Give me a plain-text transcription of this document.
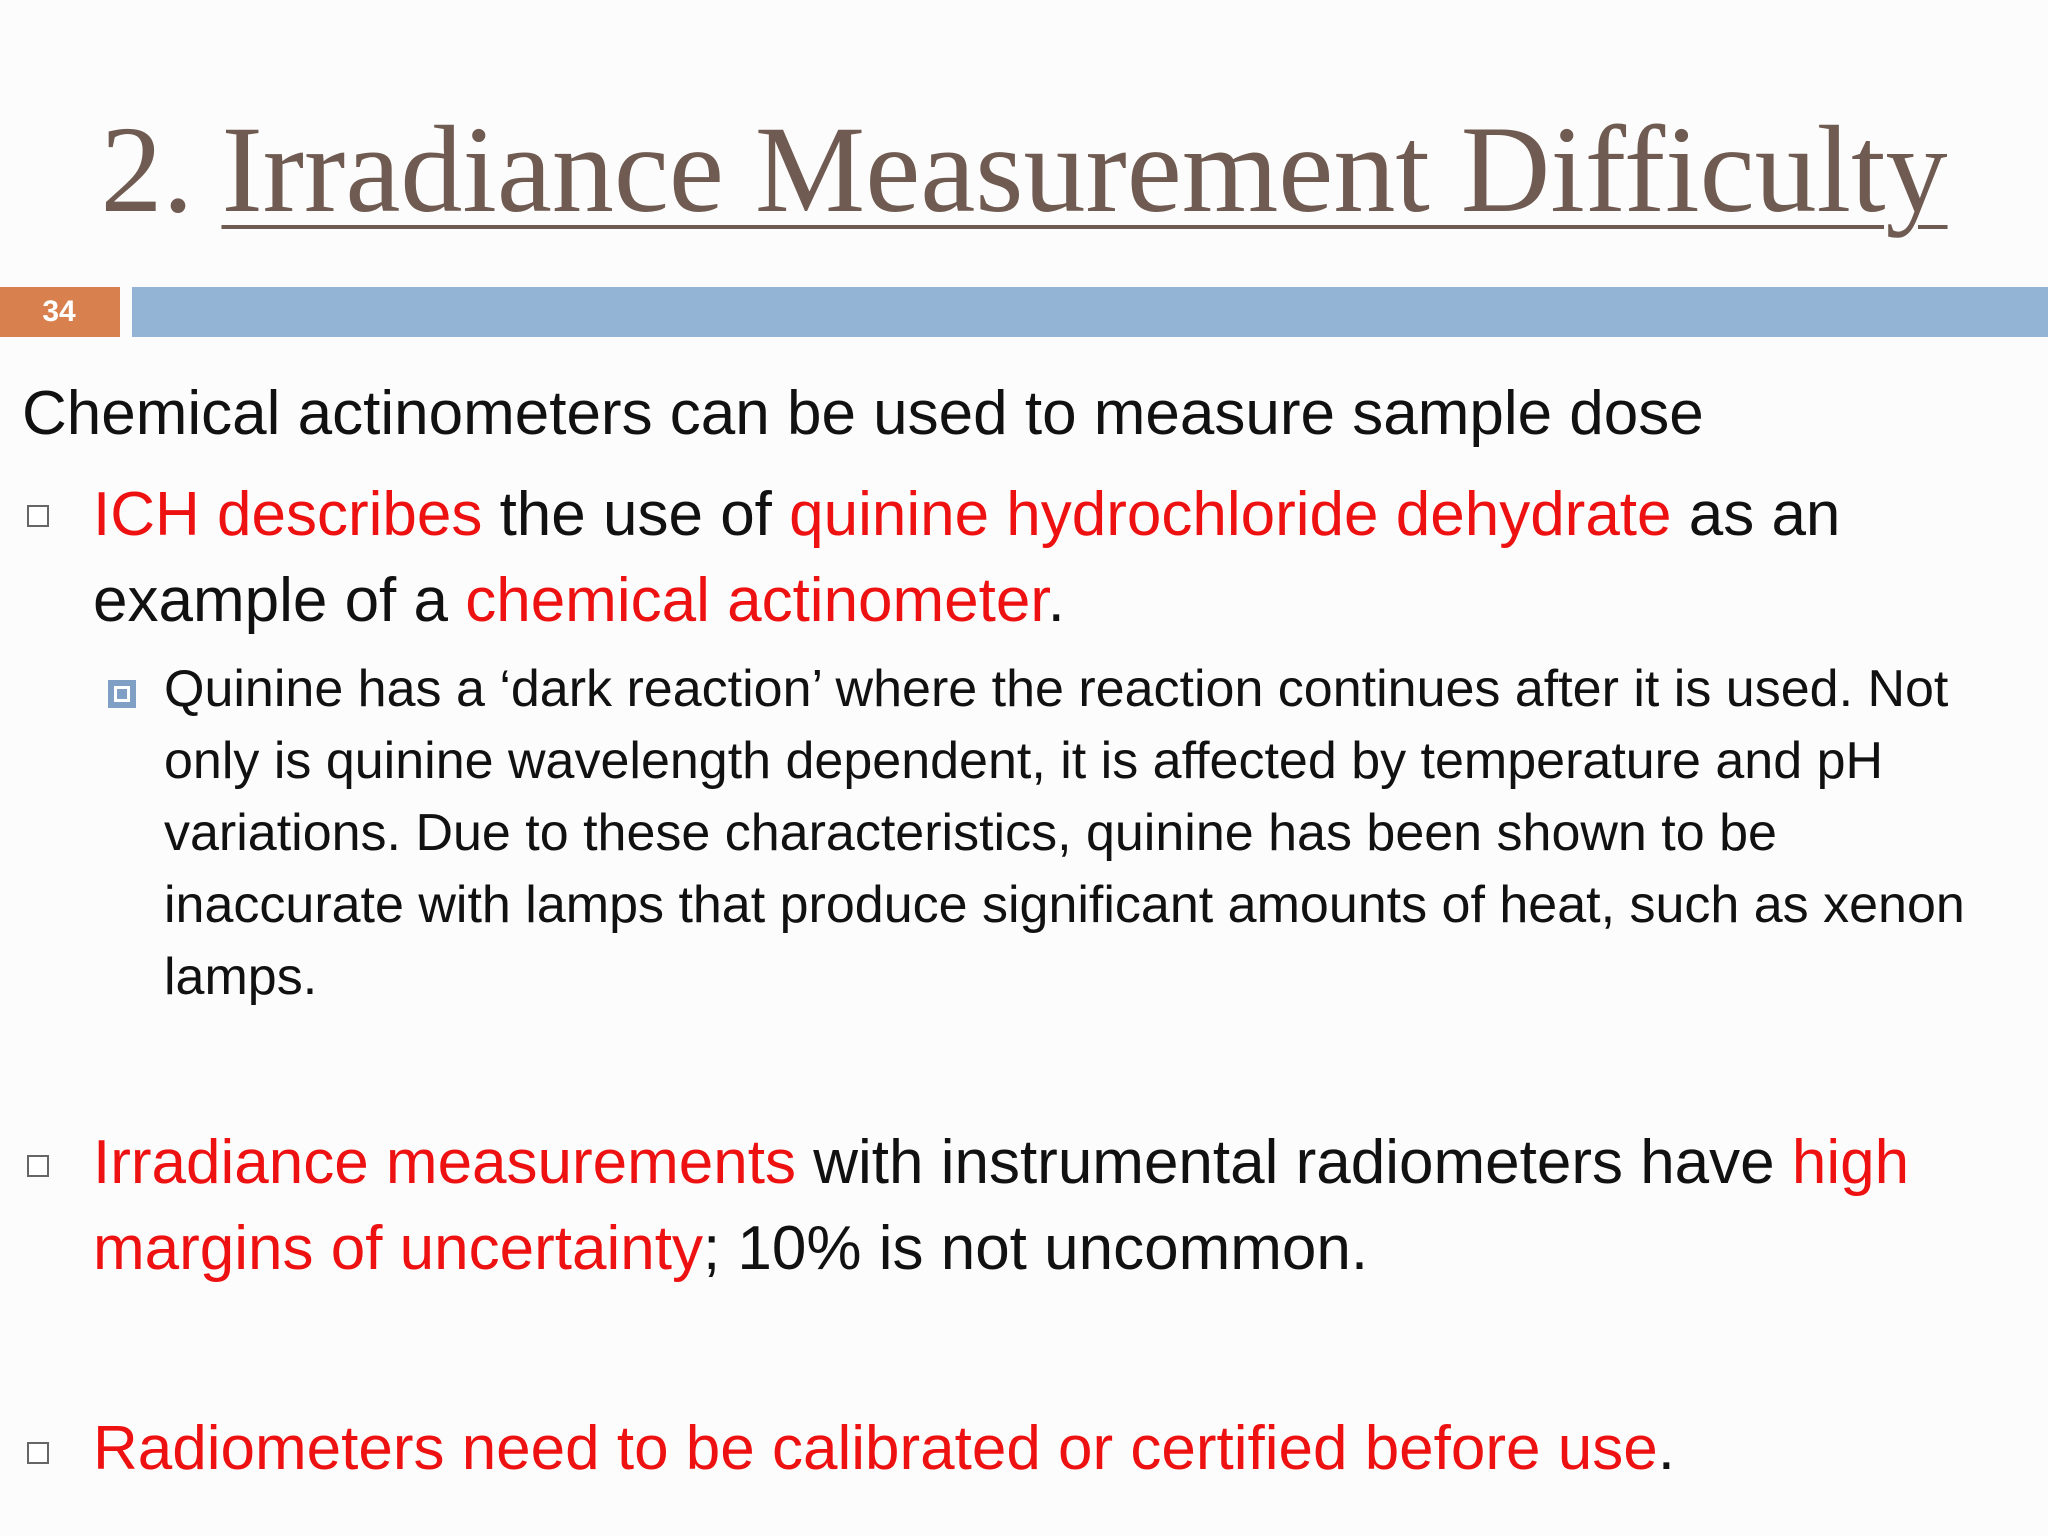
2. Irradiance Measurement Difficulty
34
Chemical actinometers can be used to measure sample dose
ICH describes the use of quinine hydrochloride dehydrate as an example of a chemical actinometer.
Quinine has a ‘dark reaction’ where the reaction continues after it is used. Not only is quinine wavelength dependent, it is affected by temperature and pH variations. Due to these characteristics, quinine has been shown to be inaccurate with lamps that produce significant amounts of heat, such as xenon lamps.
Irradiance measurements with instrumental radiometers have high margins of uncertainty; 10% is not uncommon.
Radiometers need to be calibrated or certified before use.
